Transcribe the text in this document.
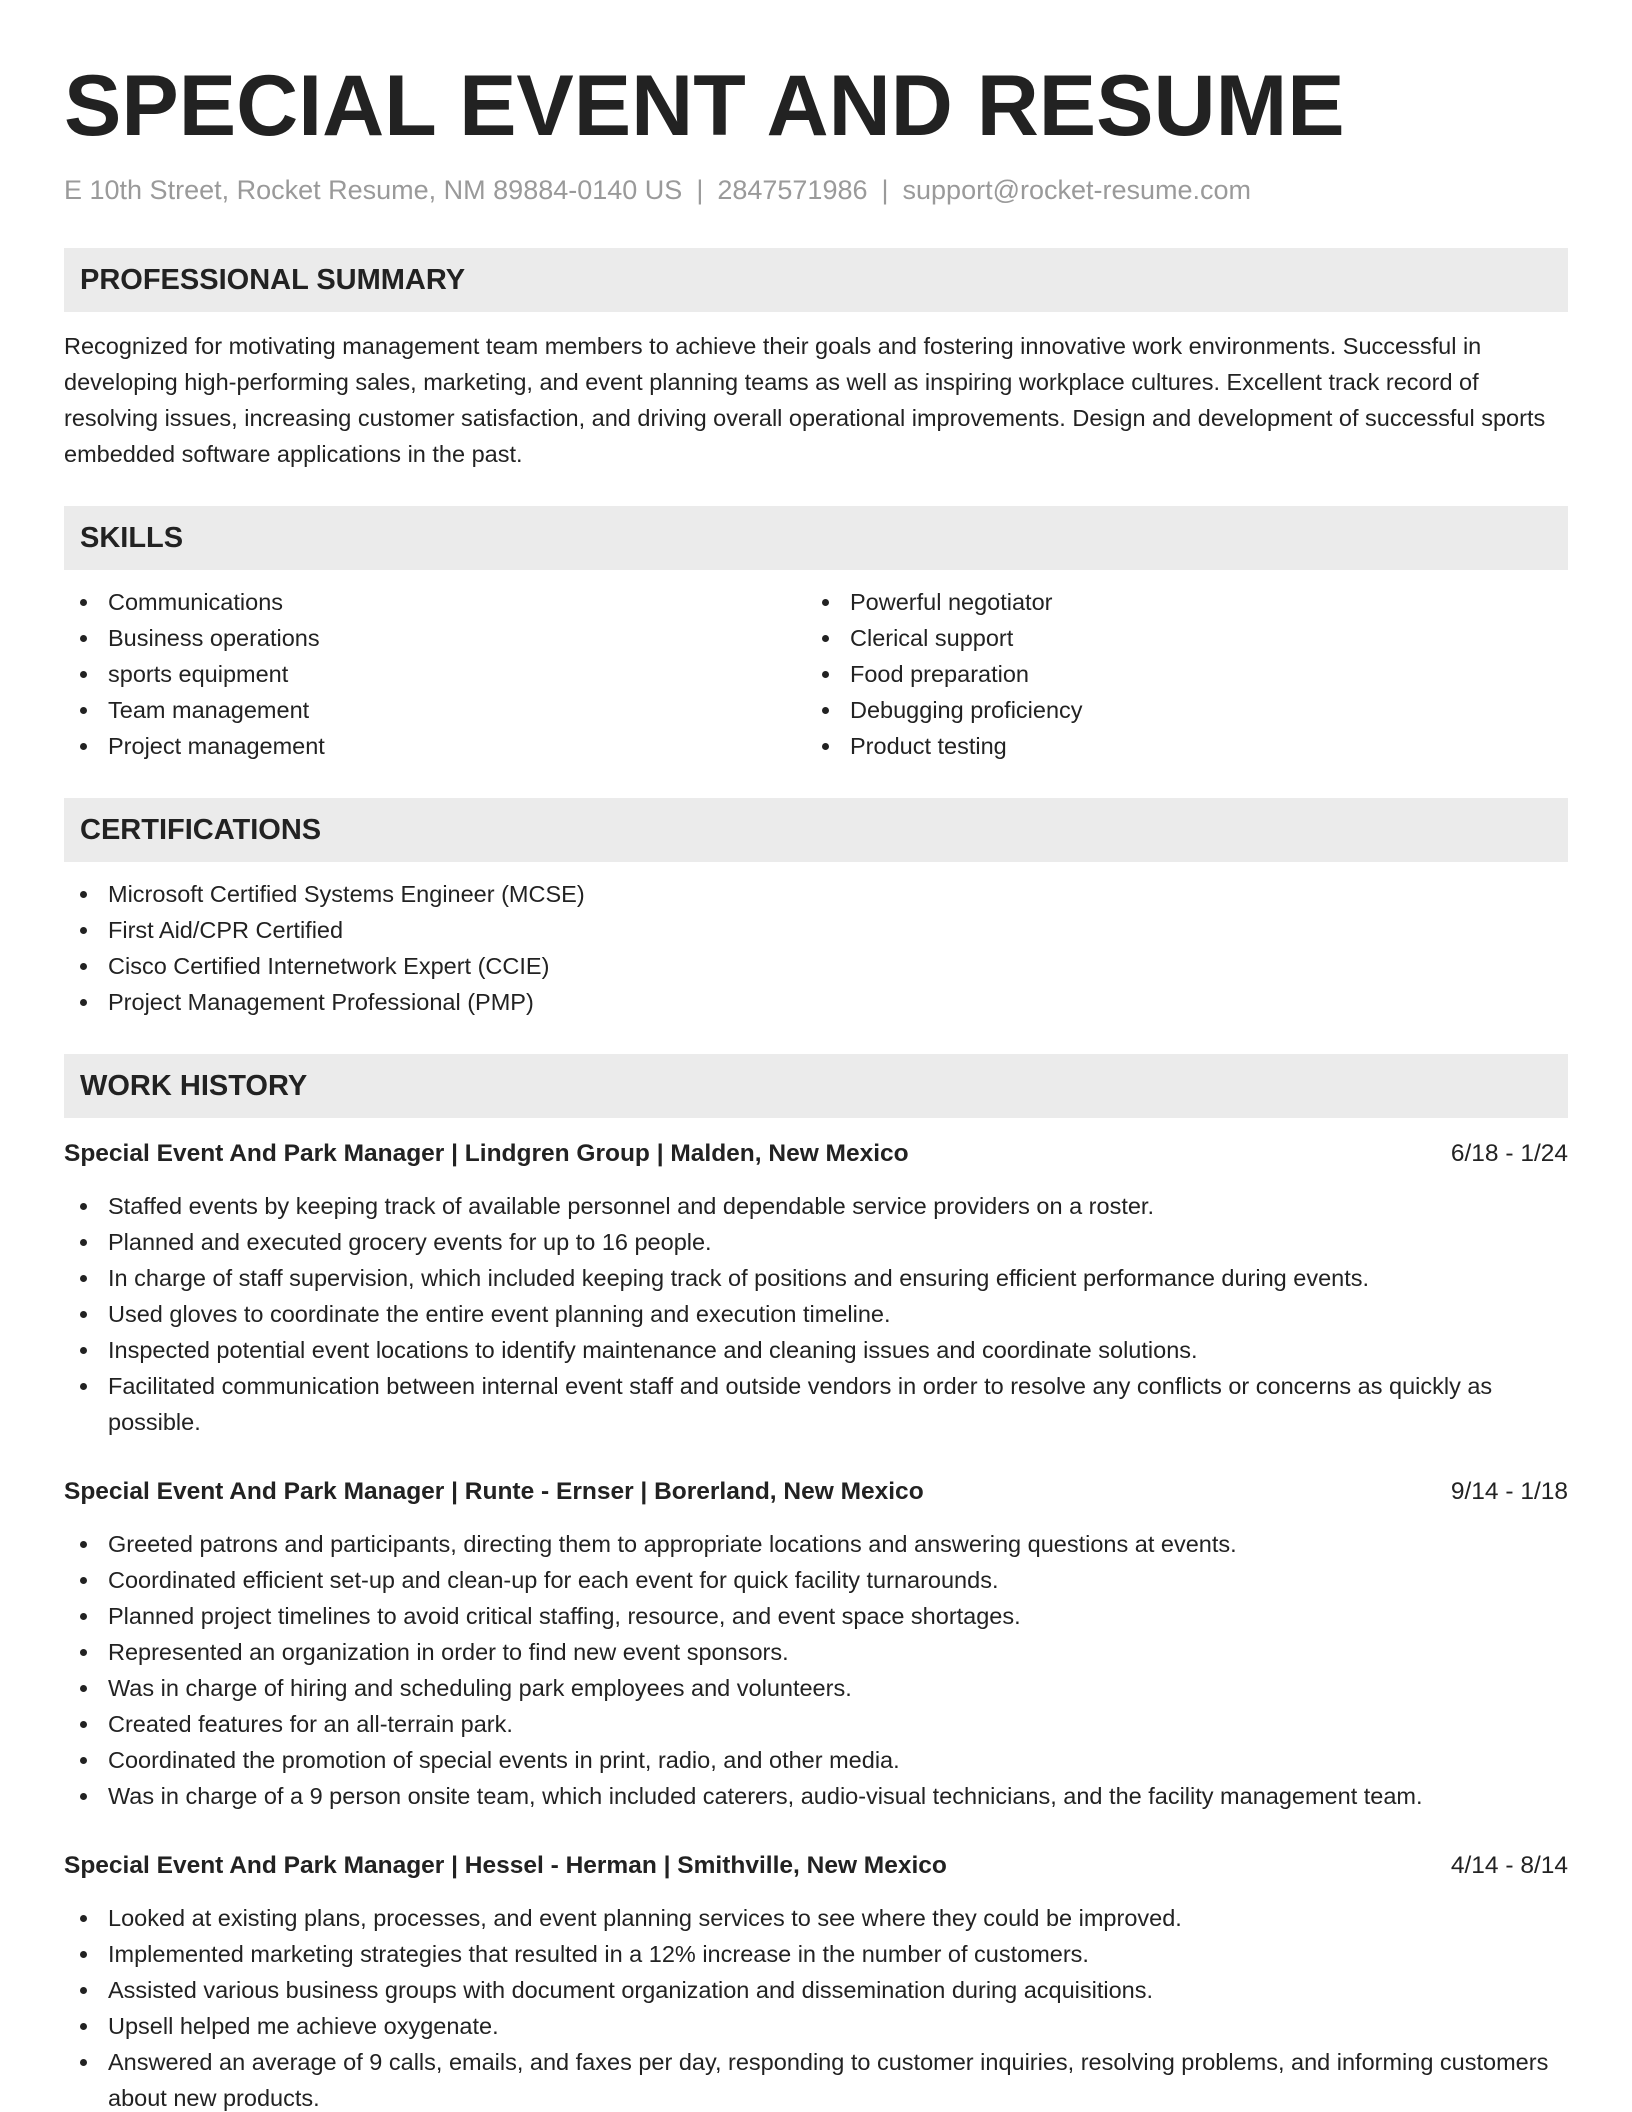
SPECIAL EVENT AND RESUME
E 10th Street, Rocket Resume, NM 89884-0140 US | 2847571986 | support@rocket-resume.com
PROFESSIONAL SUMMARY
Recognized for motivating management team members to achieve their goals and fostering innovative work environments. Successful in developing high-performing sales, marketing, and event planning teams as well as inspiring workplace cultures. Excellent track record of resolving issues, increasing customer satisfaction, and driving overall operational improvements. Design and development of successful sports embedded software applications in the past.
SKILLS
Communications
Business operations
sports equipment
Team management
Project management
Powerful negotiator
Clerical support
Food preparation
Debugging proficiency
Product testing
CERTIFICATIONS
Microsoft Certified Systems Engineer (MCSE)
First Aid/CPR Certified
Cisco Certified Internetwork Expert (CCIE)
Project Management Professional (PMP)
WORK HISTORY
Special Event And Park Manager | Lindgren Group | Malden, New Mexico	6/18 - 1/24
Staffed events by keeping track of available personnel and dependable service providers on a roster.
Planned and executed grocery events for up to 16 people.
In charge of staff supervision, which included keeping track of positions and ensuring efficient performance during events.
Used gloves to coordinate the entire event planning and execution timeline.
Inspected potential event locations to identify maintenance and cleaning issues and coordinate solutions.
Facilitated communication between internal event staff and outside vendors in order to resolve any conflicts or concerns as quickly as possible.
Special Event And Park Manager | Runte - Ernser | Borerland, New Mexico	9/14 - 1/18
Greeted patrons and participants, directing them to appropriate locations and answering questions at events.
Coordinated efficient set-up and clean-up for each event for quick facility turnarounds.
Planned project timelines to avoid critical staffing, resource, and event space shortages.
Represented an organization in order to find new event sponsors.
Was in charge of hiring and scheduling park employees and volunteers.
Created features for an all-terrain park.
Coordinated the promotion of special events in print, radio, and other media.
Was in charge of a 9 person onsite team, which included caterers, audio-visual technicians, and the facility management team.
Special Event And Park Manager | Hessel - Herman | Smithville, New Mexico	4/14 - 8/14
Looked at existing plans, processes, and event planning services to see where they could be improved.
Implemented marketing strategies that resulted in a 12% increase in the number of customers.
Assisted various business groups with document organization and dissemination during acquisitions.
Upsell helped me achieve oxygenate.
Answered an average of 9 calls, emails, and faxes per day, responding to customer inquiries, resolving problems, and informing customers about new products.
